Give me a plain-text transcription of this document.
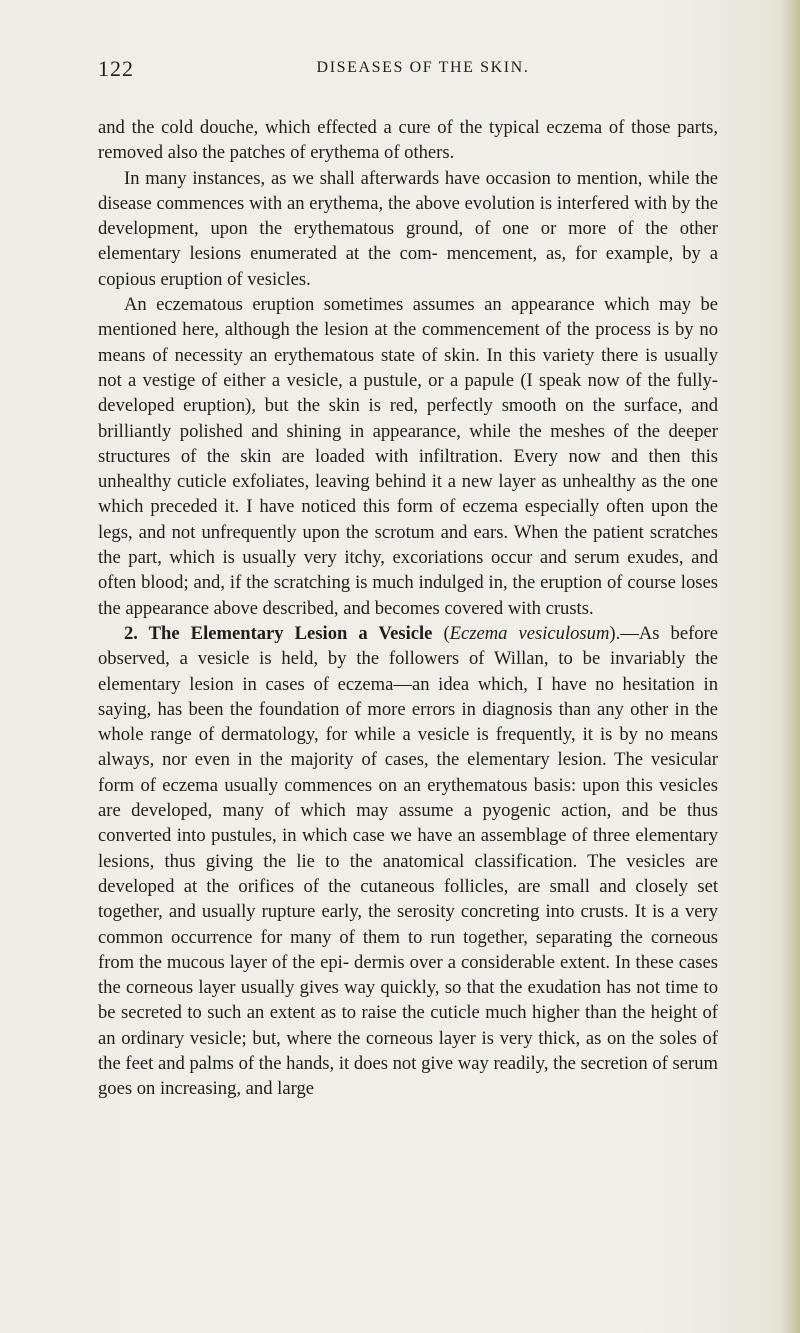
122	DISEASES OF THE SKIN.

and the cold douche, which effected a cure of the typical eczema of those parts, removed also the patches of erythema of others.

In many instances, as we shall afterwards have occasion to mention, while the disease commences with an erythema, the above evolution is interfered with by the development, upon the erythematous ground, of one or more of the other elementary lesions enumerated at the com- mencement, as, for example, by a copious eruption of vesicles.

An eczematous eruption sometimes assumes an appearance which may be mentioned here, although the lesion at the commencement of the process is by no means of necessity an erythematous state of skin. In this variety there is usually not a vestige of either a vesicle, a pustule, or a papule (I speak now of the fully-developed eruption), but the skin is red, perfectly smooth on the surface, and brilliantly polished and shining in appearance, while the meshes of the deeper structures of the skin are loaded with infiltration. Every now and then this unhealthy cuticle exfoliates, leaving behind it a new layer as unhealthy as the one which preceded it. I have noticed this form of eczema especially often upon the legs, and not unfrequently upon the scrotum and ears. When the patient scratches the part, which is usually very itchy, excoriations occur and serum exudes, and often blood; and, if the scratching is much indulged in, the eruption of course loses the appearance above described, and becomes covered with crusts.

2. The Elementary Lesion a Vesicle (Eczema vesiculosum).—As before observed, a vesicle is held, by the followers of Willan, to be invariably the elementary lesion in cases of eczema—an idea which, I have no hesitation in saying, has been the foundation of more errors in diagnosis than any other in the whole range of dermatology, for while a vesicle is frequently, it is by no means always, nor even in the majority of cases, the elementary lesion. The vesicular form of eczema usually commences on an erythematous basis: upon this vesicles are developed, many of which may assume a pyogenic action, and be thus converted into pustules, in which case we have an assemblage of three elementary lesions, thus giving the lie to the anatomical classification. The vesicles are developed at the orifices of the cutaneous follicles, are small and closely set together, and usually rupture early, the serosity concreting into crusts. It is a very common occurrence for many of them to run together, separating the corneous from the mucous layer of the epi- dermis over a considerable extent. In these cases the corneous layer usually gives way quickly, so that the exudation has not time to be secreted to such an extent as to raise the cuticle much higher than the height of an ordinary vesicle; but, where the corneous layer is very thick, as on the soles of the feet and palms of the hands, it does not give way readily, the secretion of serum goes on increasing, and large
